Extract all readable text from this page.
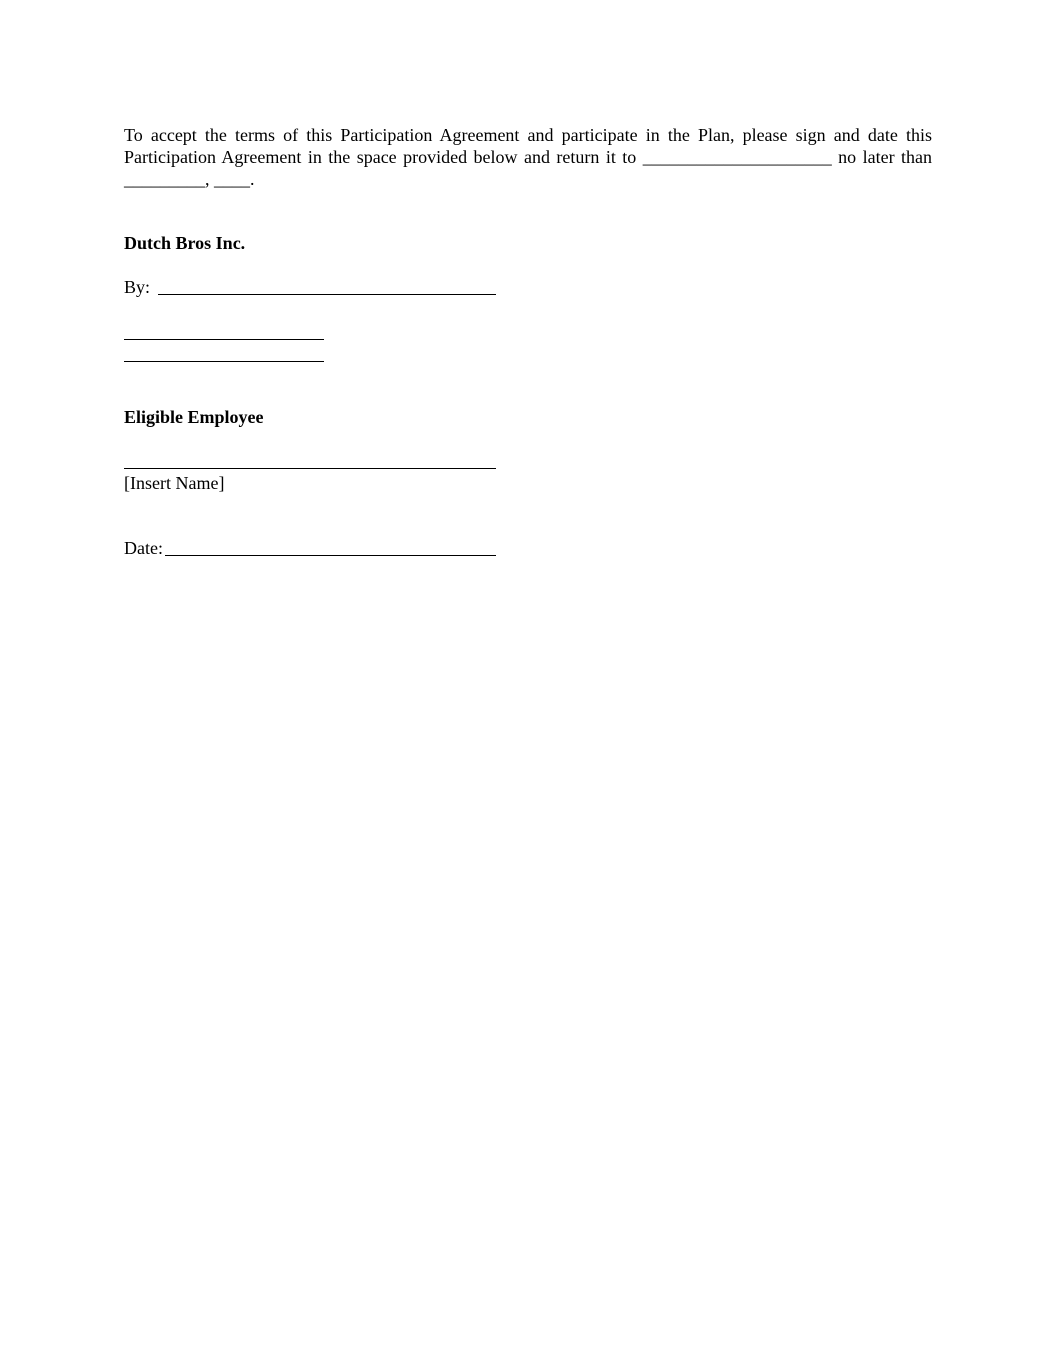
To accept the terms of this Participation Agreement and participate in the Plan, please sign and date this Participation Agreement in the space provided below and return it to _____________________ no later than _________, ____.
Dutch Bros Inc.
By:
Eligible Employee
[Insert Name]
Date:
